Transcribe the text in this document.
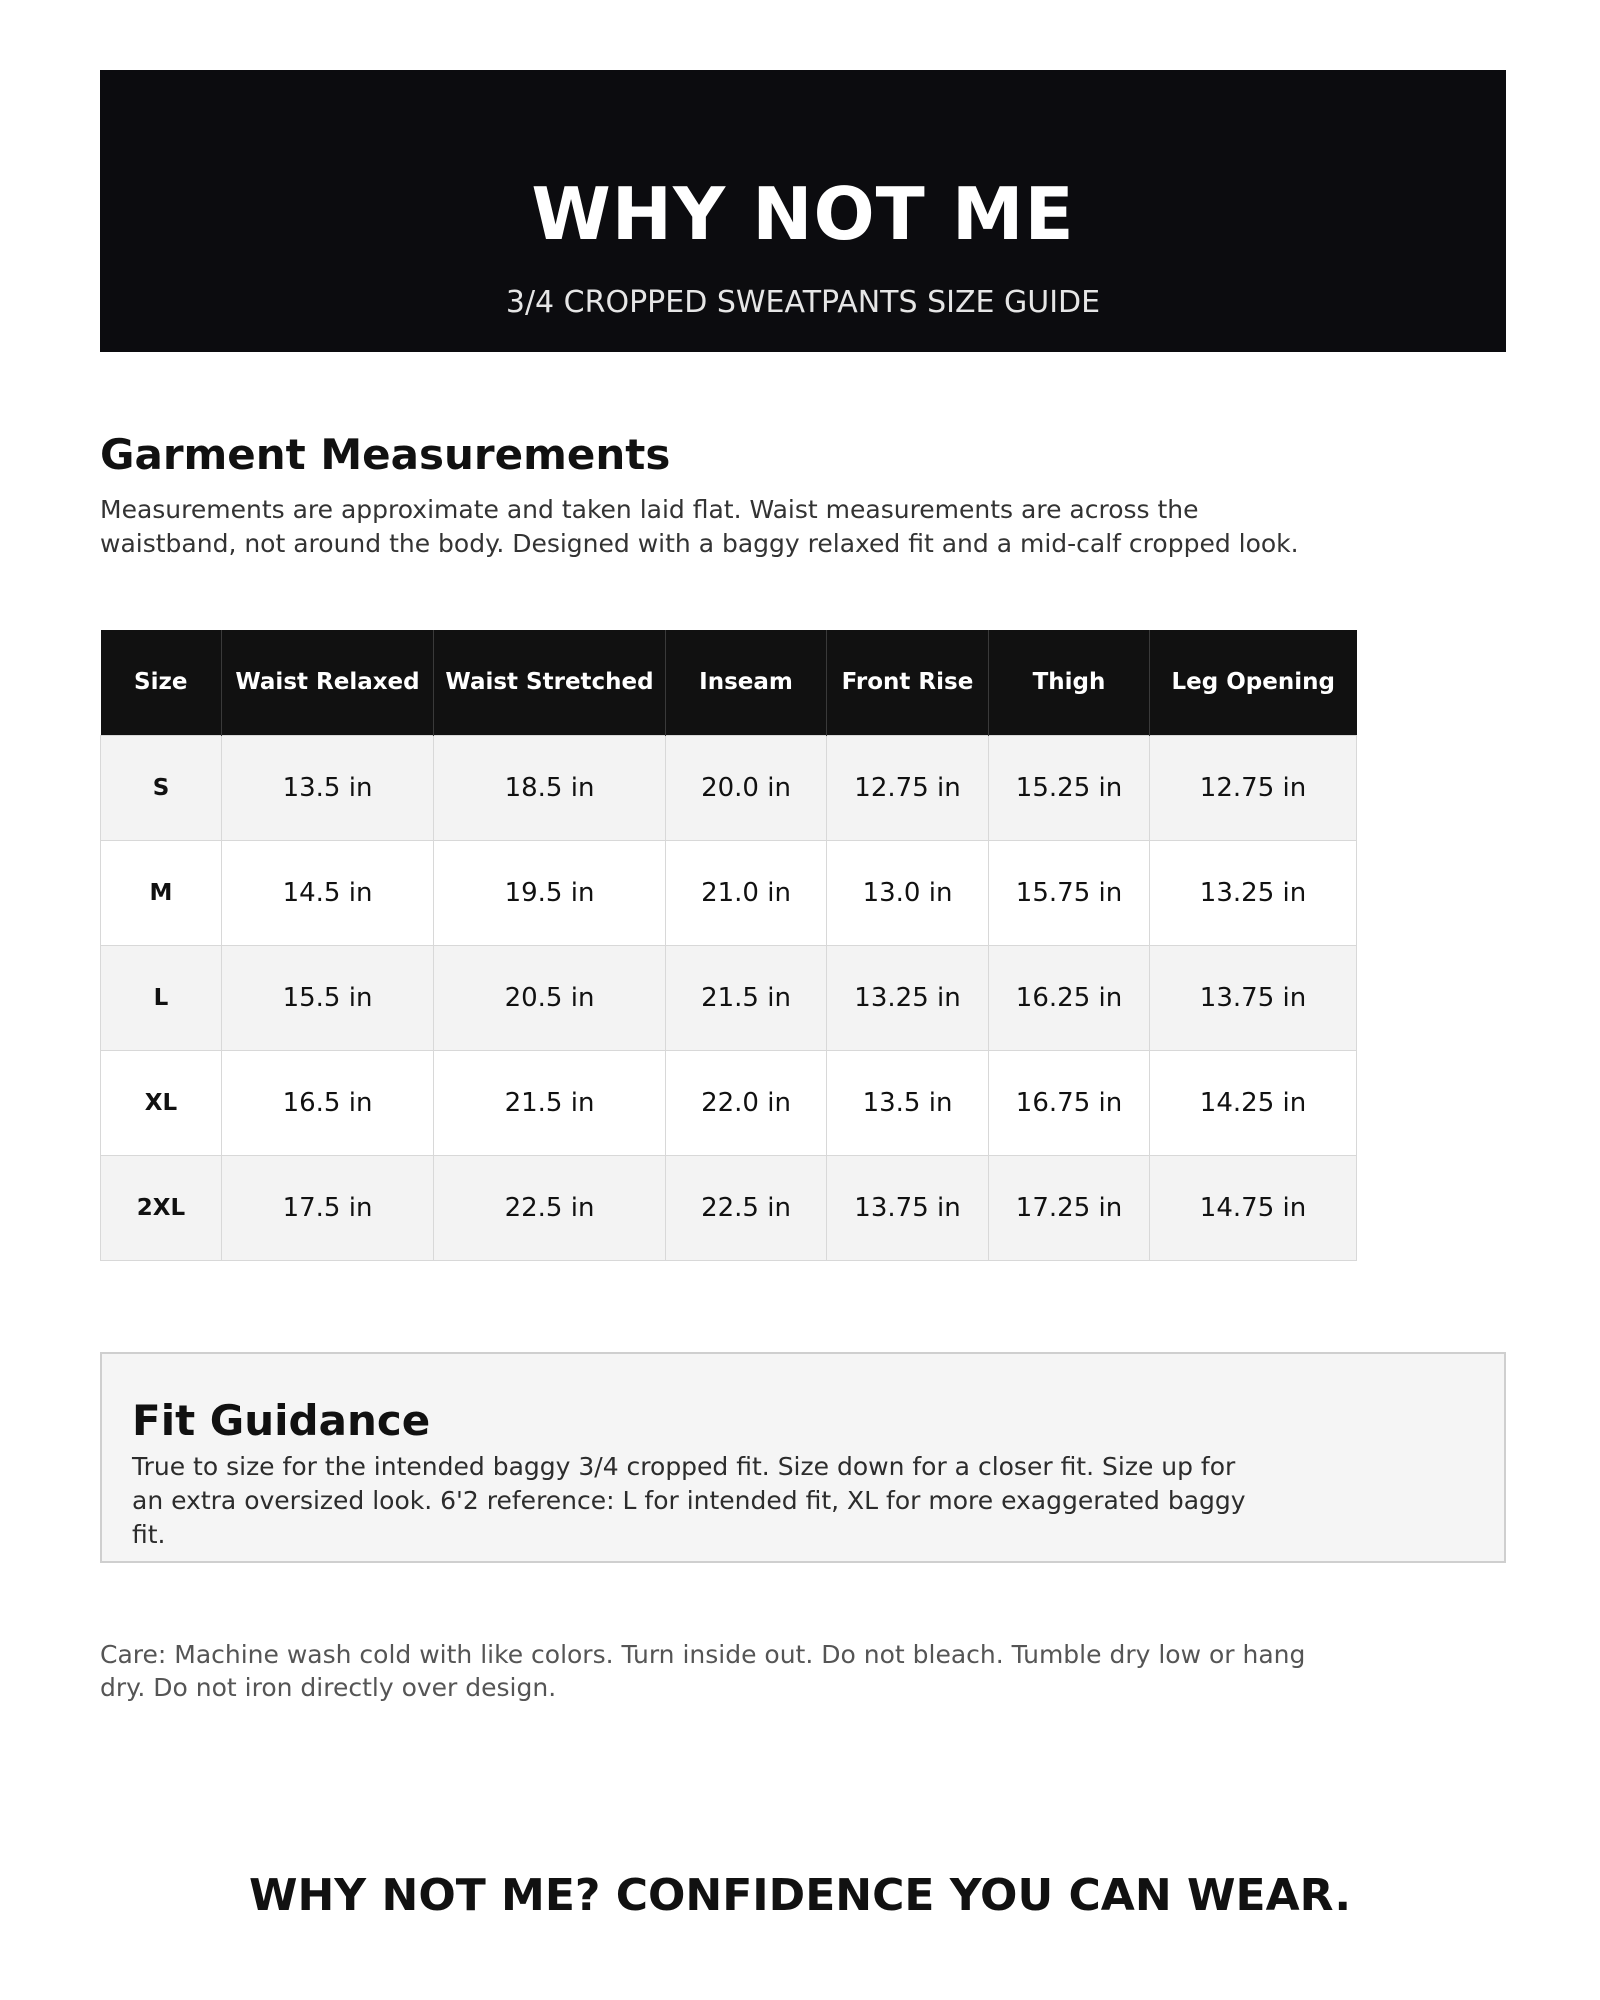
WHY NOT ME
3/4 CROPPED SWEATPANTS SIZE GUIDE
Garment Measurements
Measurements are approximate and taken laid flat. Waist measurements are across the waistband, not around the body. Designed with a baggy relaxed fit and a mid-calf cropped look.
Size	Waist Relaxed	Waist Stretched	Inseam	Front Rise	Thigh	Leg Opening
S	13.5 in	18.5 in	20.0 in	12.75 in	15.25 in	12.75 in
M	14.5 in	19.5 in	21.0 in	13.0 in	15.75 in	13.25 in
L	15.5 in	20.5 in	21.5 in	13.25 in	16.25 in	13.75 in
XL	16.5 in	21.5 in	22.0 in	13.5 in	16.75 in	14.25 in
2XL	17.5 in	22.5 in	22.5 in	13.75 in	17.25 in	14.75 in
Fit Guidance
True to size for the intended baggy 3/4 cropped fit. Size down for a closer fit. Size up for an extra oversized look. 6'2 reference: L for intended fit, XL for more exaggerated baggy fit.
Care: Machine wash cold with like colors. Turn inside out. Do not bleach. Tumble dry low or hang dry. Do not iron directly over design.
WHY NOT ME? CONFIDENCE YOU CAN WEAR.
